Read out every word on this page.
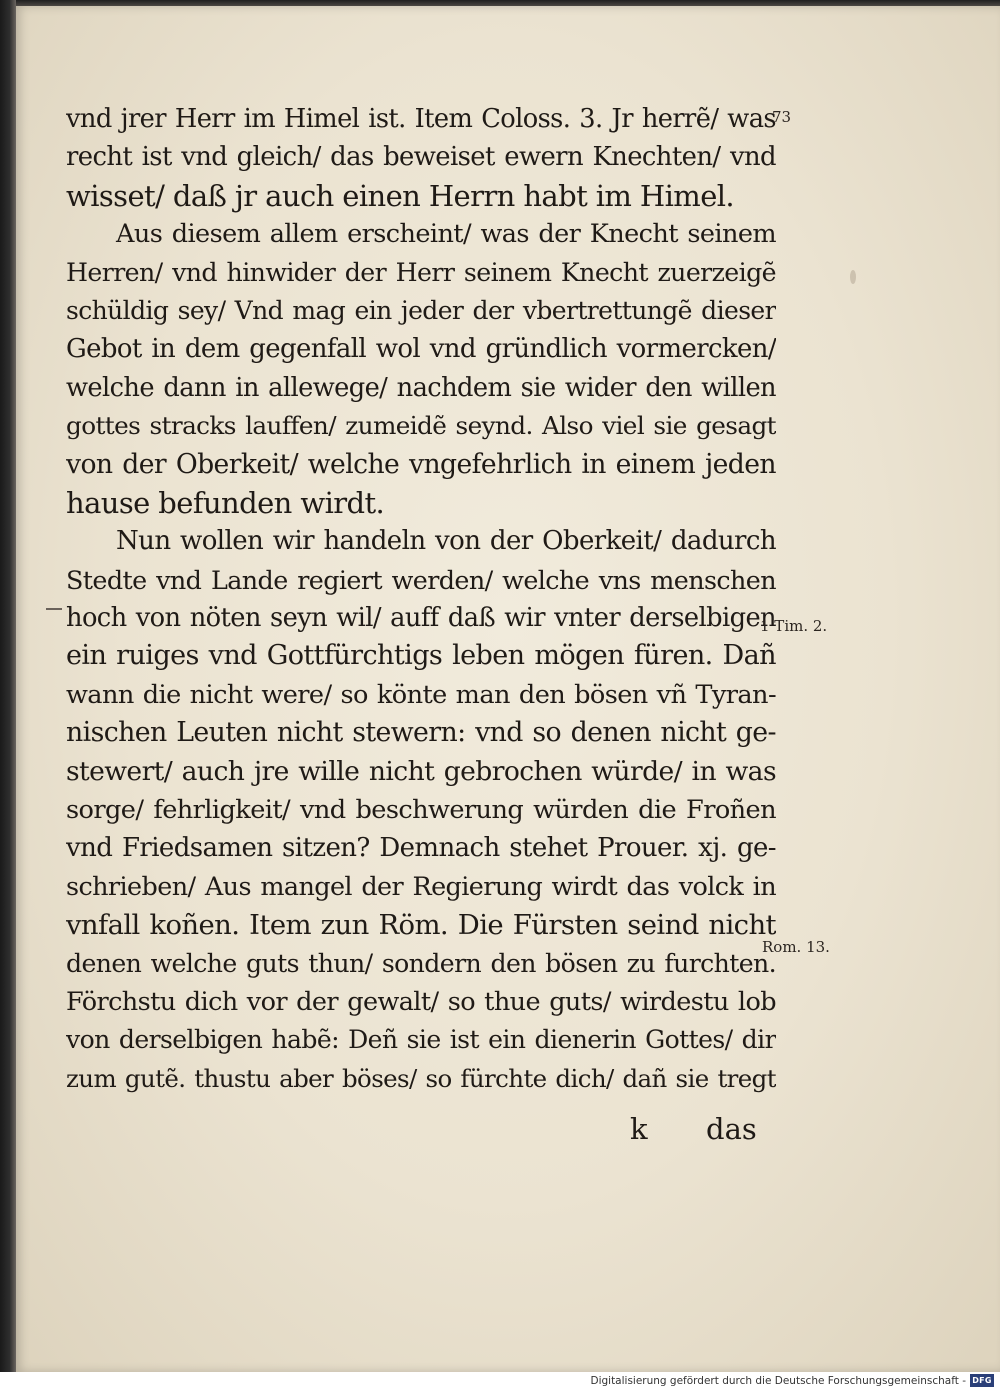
73
vnd jrer Herr im Himel ist. Item Coloss. 3. Jr herrẽ/ was
recht ist vnd gleich/ das beweiset ewern Knechten/ vnd
wisset/ daß jr auch einen Herrn habt im Himel.
Aus diesem allem erscheint/ was der Knecht seinem
Herren/ vnd hinwider der Herr seinem Knecht zuerzeigẽ
schüldig sey/ Vnd mag ein jeder der vbertrettungẽ dieser
Gebot in dem gegenfall wol vnd gründlich vormercken/
welche dann in allewege/ nachdem sie wider den willen
gottes stracks lauffen/ zumeidẽ seynd. Also viel sie gesagt
von der Oberkeit/ welche vngefehrlich in einem jeden
hause befunden wirdt.
Nun wollen wir handeln von der Oberkeit/ dadurch
Stedte vnd Lande regiert werden/ welche vns menschen
hoch von nöten seyn wil/ auff daß wir vnter derselbigen
ein ruiges vnd Gottfürchtigs leben mögen füren. Dañ
wann die nicht were/ so könte man den bösen vñ Tyran-
nischen Leuten nicht stewern: vnd so denen nicht ge-
stewert/ auch jre wille nicht gebrochen würde/ in was
sorge/ fehrligkeit/ vnd beschwerung würden die Froñen
vnd Friedsamen sitzen? Demnach stehet Prouer. xj. ge-
schrieben/ Aus mangel der Regierung wirdt das volck in
vnfall koñen. Item zun Röm. Die Fürsten seind nicht
denen welche guts thun/ sondern den bösen zu furchten.
Förchstu dich vor der gewalt/ so thue guts/ wirdestu lob
von derselbigen habẽ: Deñ sie ist ein dienerin Gottes/ dir
zum gutẽ. thustu aber böses/ so fürchte dich/ dañ sie tregt
1 Tim. 2.
Rom. 13.
k das
Digitalisierung gefördert durch die Deutsche Forschungsgemeinschaft - DFG
